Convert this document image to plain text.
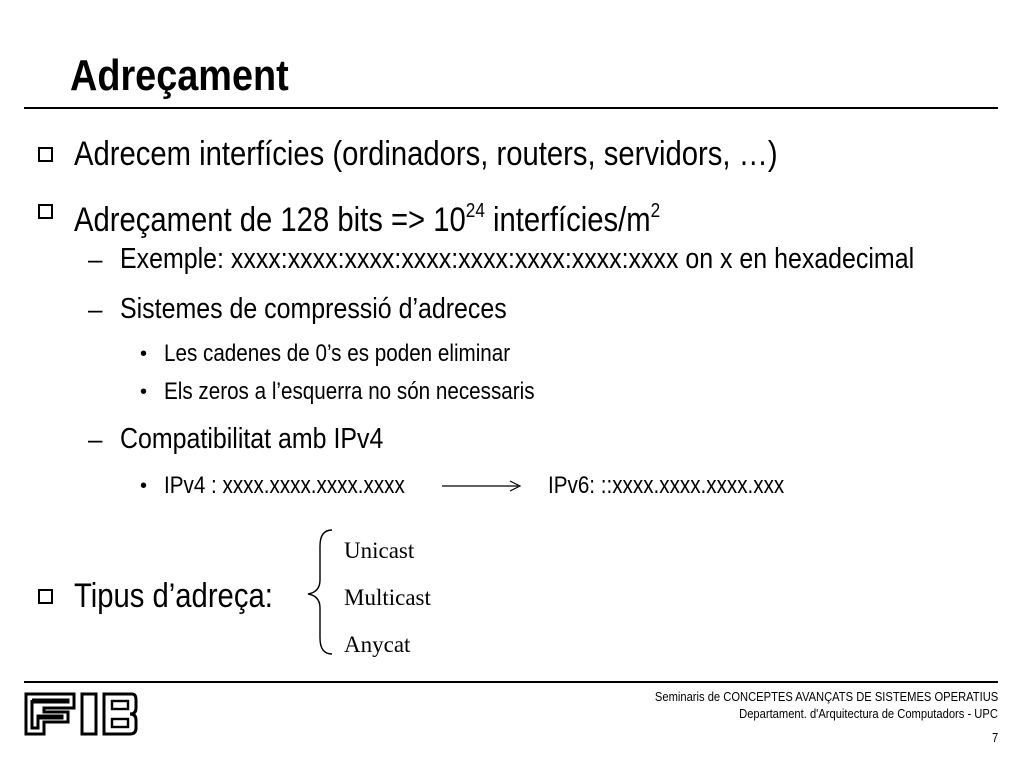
Adreçament
Adrecem interfícies (ordinadors, routers, servidors, …)
Adreçament de 128 bits => $10^{24}$ interfícies/$m^2$
– Exemple: xxxx:xxxx:xxxx:xxxx:xxxx:xxxx:xxxx:xxxx on x en hexadecimal
– Sistemes de compressió d’adreces
• Les cadenes de 0’s es poden eliminar
• Els zeros a l’esquerra no són necessaris
– Compatibilitat amb IPv4
• IPv4 : xxxx.xxxx.xxxx.xxxx	IPv6: ::xxxx.xxxx.xxxx.xxx
Tipus d’adreça:
Unicast
Multicast
Anycat
Seminaris de CONCEPTES AVANÇATS DE SISTEMES OPERATIUS
Departament. d'Arquitectura de Computadors - UPC
7
